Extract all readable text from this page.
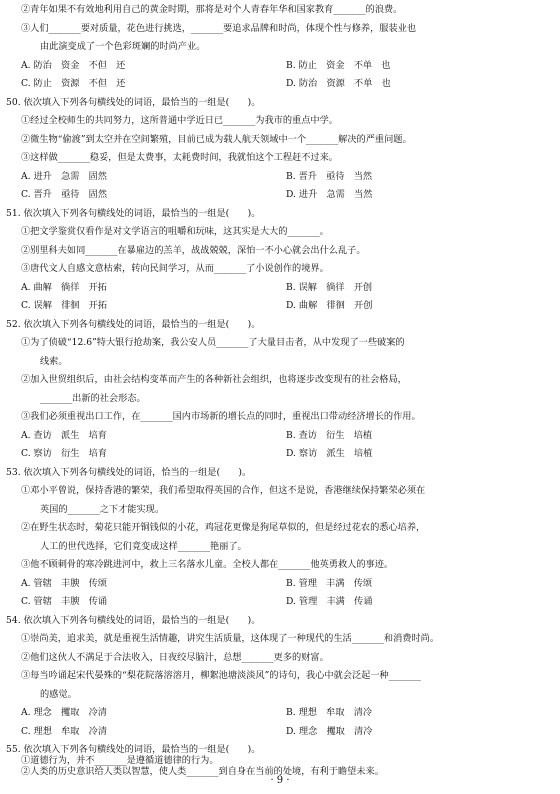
②青年如果不有效地利用自己的黄金时期，那将是对个人青春年华和国家教育_______的浪费。
③人们_______要对质量，花色进行挑选，_______要追求品牌和时尚，体现个性与修养，服装业也
由此演变成了一个色彩斑斓的时尚产业。
A. 防治　资金　不但　还	B. 防止　资金　不单　也
C. 防止　资源　不但　还	D. 防治　资源　不单　也
50. 依次填入下列各句横线处的词语，最恰当的一组是(　　)。
①经过全校师生的共同努力，这所普通中学近日已_______为我市的重点中学。
②微生物“偷渡”到太空并在空间繁殖，目前已成为载人航天领域中一个_______解决的严重问题。
③这样做_______稳妥，但是太费事，太耗费时间，我就怕这个工程赶不过来。
A. 进升　急需　固然	B. 晋升　亟待　当然
C. 晋升　亟待　固然	D. 进升　急需　当然
51. 依次填入下列各句横线处的词语，最恰当的一组是(　　)。
①把文学鉴赏仅看作是对文学语言的咀嚼和玩味，这其实是大大的_______。
②别里科夫如同_______在暴雇边的羔羊，战战兢兢，深怕一不小心就会出什么乱子。
③唐代文人自感文意枯索，转向民间学习，从而_______了小说创作的境界。
A. 曲解　徜徉　开拓	B. 误解　徜徉　开创
C. 误解　徘徊　开拓	D. 曲解　徘徊　开创
52. 依次填入下列各句横线处的词语，最恰当的一组是(　　)。
①为了侦破“12.6”特大银行抢劫案，我公安人员_______了大量目击者，从中发现了一些破案的
线索。
②加入世贸组织后，由社会结构变革而产生的各种新社会组织，也将逐步改变现有的社会格局，
_______出新的社会形态。
③我们必须重视出口工作，在_______国内市场新的增长点的同时，重视出口带动经济增长的作用。
A. 查访　派生　培育	B. 查访　衍生　培植
C. 察访　衍生　培育	D. 察访　派生　培植
53. 依次填入下列各句横线处的词语，恰当的一组是(　　)。
①邓小平曾说，保持香港的繁荣，我们希望取得英国的合作，但这不是说，香港继续保持繁荣必须在
英国的_______之下才能实现。
②在野生状态时，菊花只能开铜钱似的小花，鸡冠花更像是狗尾草似的，但是经过花农的悉心培养，
人工的世代选择，它们竟变成这样_______艳丽了。
③他不顾刺骨的寒冷跳进河中，救上三名落水儿童。全校人都在_______他英勇救人的事迹。
A. 管辖　丰腴　传颂	B. 管理　丰满　传颂
C. 管辖　丰腴　传诵	D. 管理　丰满　传诵
54. 依次填入下列各句横线处的词语，最恰当的一组是(　　)。
①崇尚美，追求美，就是重视生活情趣，讲究生活质量，这体现了一种现代的生活_______和消费时尚。
②他们这伙人不满足于合法收入，日夜绞尽脑汁，总想_______更多的财富。
③每当吟诵起宋代晏殊的“梨花院落溶溶月，柳絮池塘淡淡风”的诗句，我心中就会泛起一种_______
的感觉。
A. 理念　攫取　冷清	B. 理想　牟取　清冷
C. 理想　牟取　冷清	D. 理念　攫取　清冷
55. 依次填入下列各句横线处的词语，最恰当的一组是(　　)。
①道德行为，并不_______是遵循道德律的行为。
②人类的历史意识给人类以智慧，使人类_______到自身在当前的处境，有利于瞻望未来。
· 9 ·
